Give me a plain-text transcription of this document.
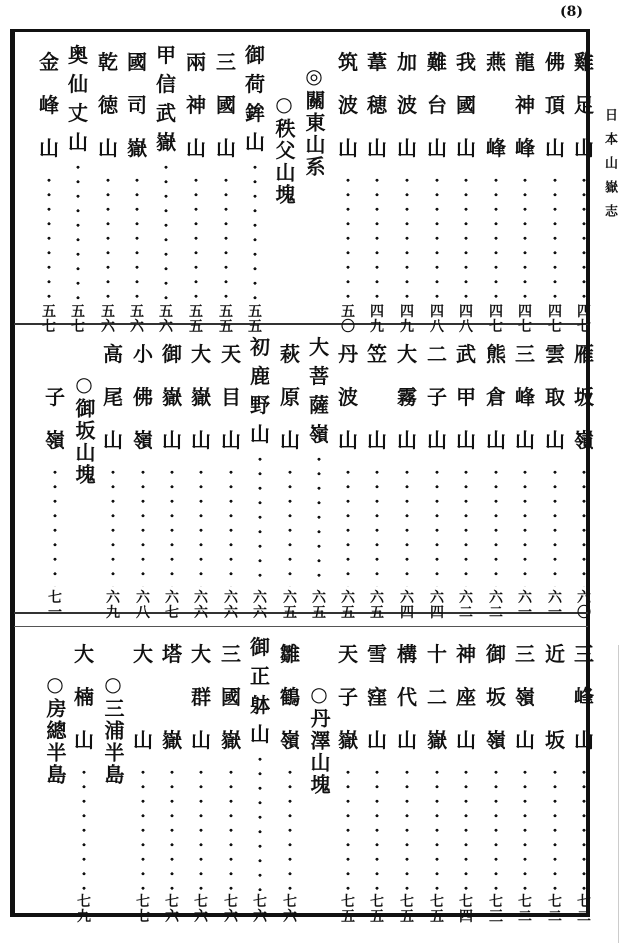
(8)
日本山嶽志
雞
足
山
四
七
佛
頂
山
四
七
龍
神
峰
四
七
燕
峰
四
七
我
國
山
四
八
難
台
山
四
八
加
波
山
四
九
葦
穂
山
四
九
筑
波
山
五
〇
◎關東山系
○秩父山塊
御
荷
鉾
山
五
五
三
國
山
五
五
兩
神
山
五
五
甲
信
武
嶽
五
六
國
司
嶽
五
六
乾
徳
山
五
六
奥
仙
丈
山
五
七
金
峰
山
五
七
雁
坂
嶺
六
〇
雲
取
山
六
一
三
峰
山
六
一
熊
倉
山
六
二
武
甲
山
六
二
二
子
山
六
四
大
霧
山
六
四
笠
山
六
五
丹
波
山
六
五
大
菩
薩
嶺
六
五
萩
原
山
六
五
初
鹿
野
山
六
六
天
目
山
六
六
大
嶽
山
六
六
御
嶽
山
六
七
小
佛
嶺
六
八
高
尾
山
六
九
○御坂山塊
子
嶺
七
一
三
峰
山
七
二
近
坂
七
二
三
嶺
山
七
二
御
坂
嶺
七
三
神
座
山
七
四
十
二
嶽
七
五
構
代
山
七
五
雪
窪
山
七
五
天
子
嶽
七
五
○丹澤山塊
雛
鶴
嶺
七
六
御
正
躰
山
七
六
三
國
嶽
七
六
大
群
山
七
六
塔
嶽
七
六
大
山
七
七
○三浦半島
大
楠
山
七
九
○房總半島
